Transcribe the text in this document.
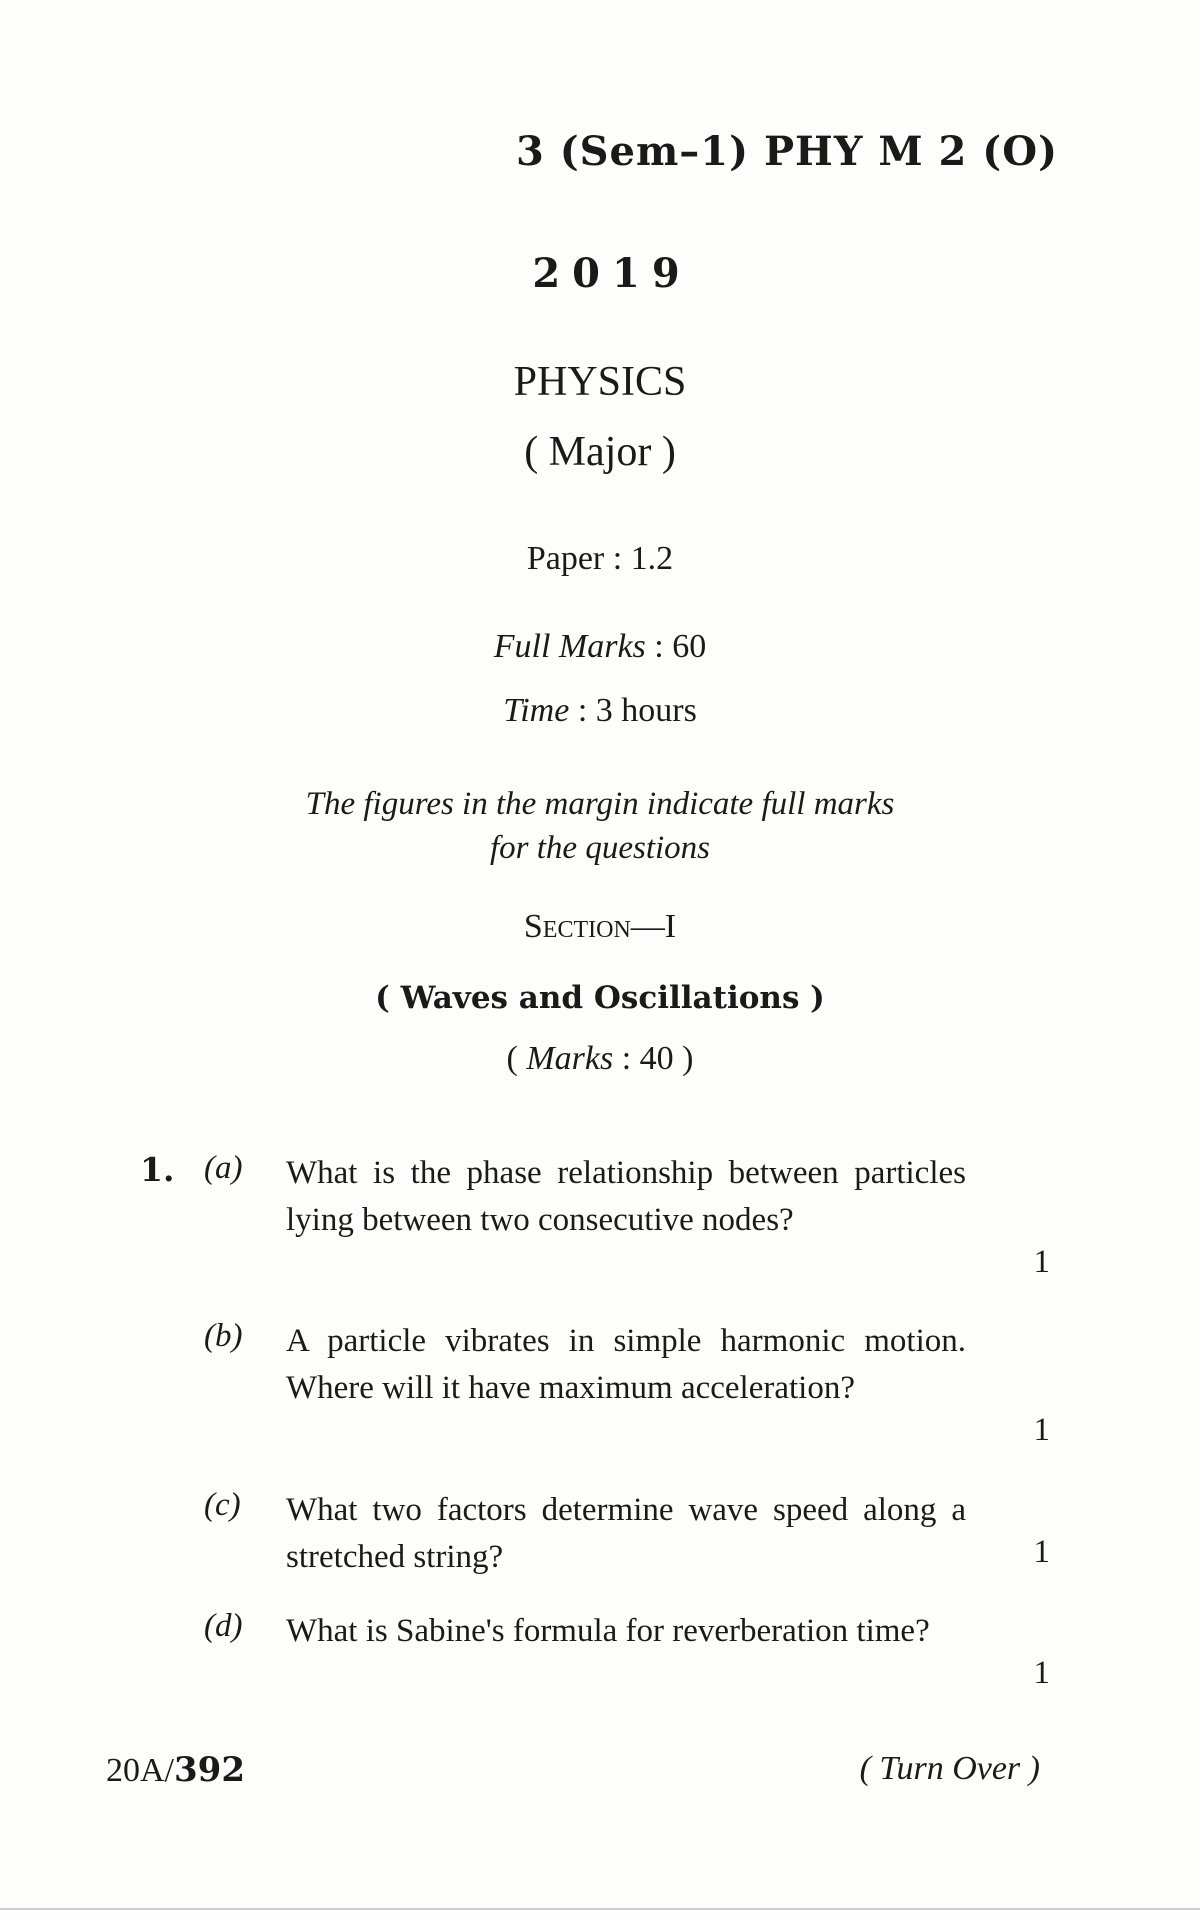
3 (Sem–1) PHY M 2 (O)
2019
PHYSICS
( Major )
Paper : 1.2
Full Marks : 60
Time : 3 hours
The figures in the margin indicate full marks
for the questions
Section—I
( Waves and Oscillations )
( Marks : 40 )
1. (a) What is the phase relationship between particles lying between two consecutive nodes?
1
(b) A particle vibrates in simple harmonic motion. Where will it have maximum acceleration?
1
(c) What two factors determine wave speed along a stretched string?	1
(d) What is Sabine's formula for reverberation time?
1
20A/392	( Turn Over )
